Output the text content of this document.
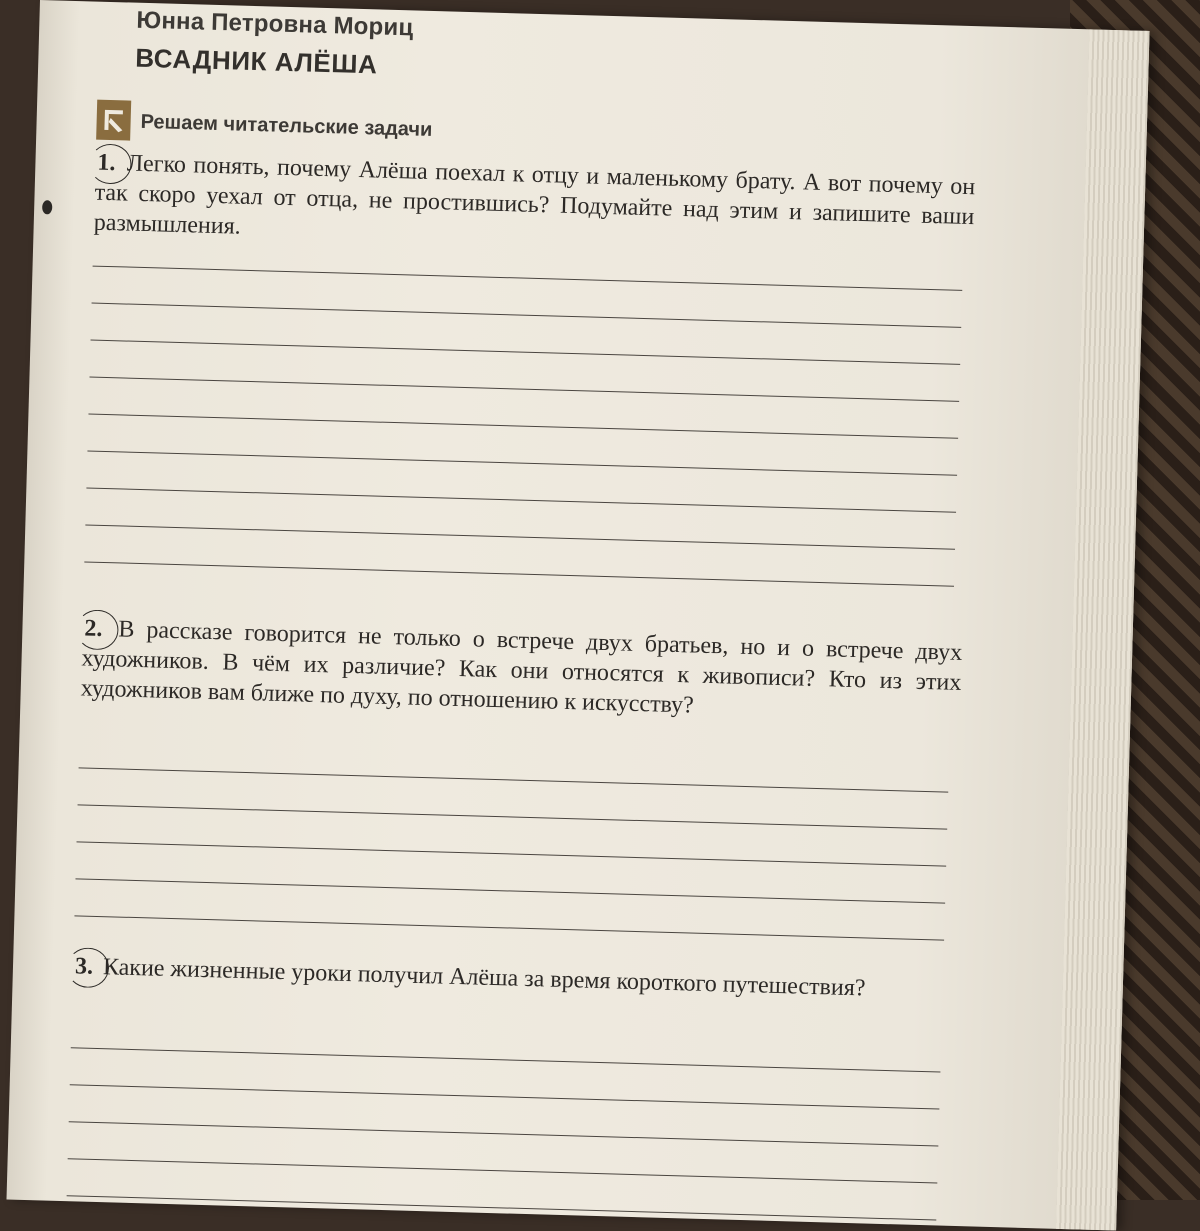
Юнна Петровна Мориц
ВСАДНИК АЛЁША
Решаем читательские задачи
1. Легко понять, почему Алёша поехал к отцу и маленькому брату. А вот почему он так скоро уехал от отца, не простившись? Подумайте над этим и запишите ваши размышления.
2. В рассказе говорится не только о встрече двух братьев, но и о встрече двух художников. В чём их различие? Как они относятся к живописи? Кто из этих художников вам ближе по духу, по отношению к искусству?
3. Какие жизненные уроки получил Алёша за время короткого путешествия?
